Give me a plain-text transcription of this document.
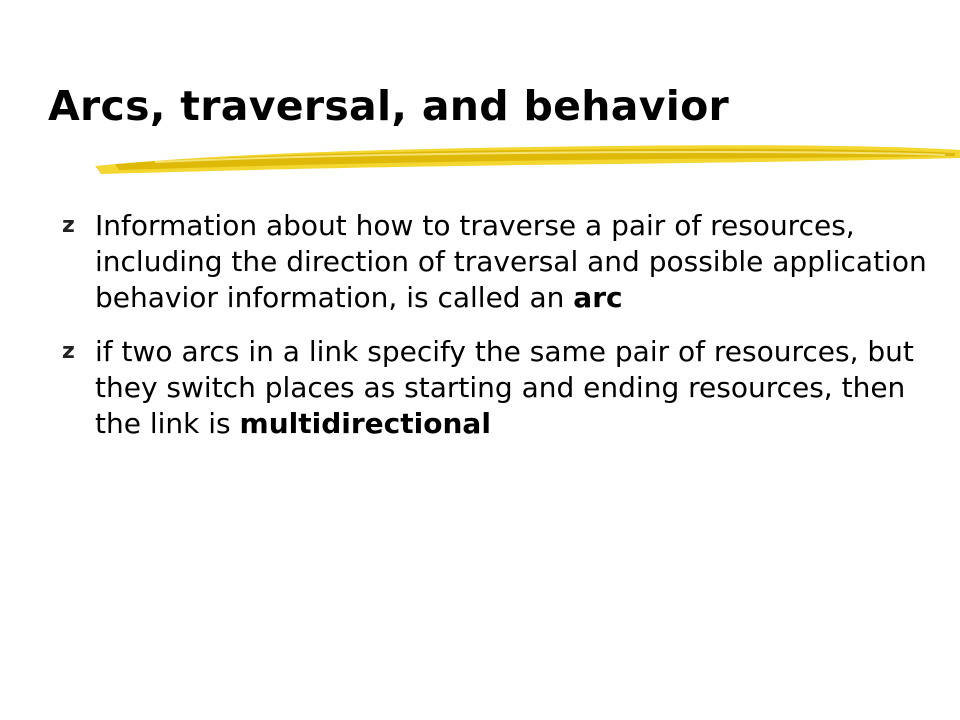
Arcs, traversal, and behavior
z Information about how to traverse a pair of resources, including the direction of traversal and possible application behavior information, is called an arc
z if two arcs in a link specify the same pair of resources, but they switch places as starting and ending resources, then the link is multidirectional
